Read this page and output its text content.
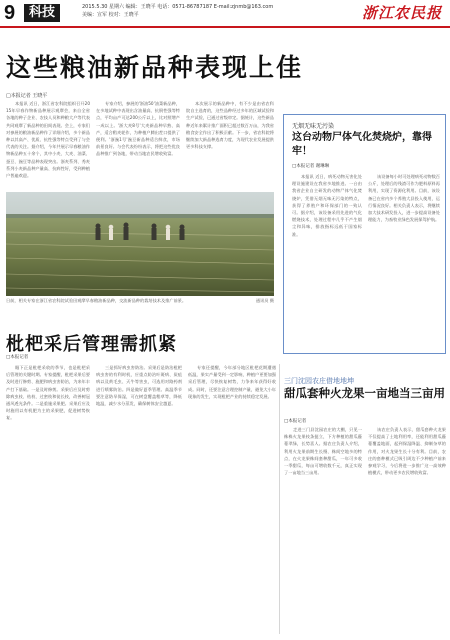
9	科技	2015.5.30 星期六 编辑：王晓平 电话：0571-86787187 E-mail:zjnmb@163.com
美编：宣军 校对：王晓平	浙江农民报
这些粮油新品种表现上佳
□本报记者 王晓平

本报讯 近日，浙江省农科院组织召开2015年早春作物新品种展示观摩会，来自全省各地的种子企业、农技人员和种粮大户等代表共同观摩了新品种的田间表现。会上，专家们对参展的粮油新品种作了详细介绍，多个新品种以其高产、优质、抗性强等特点受到了与会代表的关注。据介绍，今年共展示早春粮油作物新品种五十余个，其中小麦、大麦、油菜、蚕豆、豌豆等品种表现突出。浙麦系列、秀麦系列小麦新品种产量高、抗病性好，受到种植户普遍欢迎。

专家介绍，参展的'浙油50'油菜新品种，在多地试种中表现出含油量高、抗倒性强等特点，平均亩产可达200公斤以上，比对照增产一成以上。'浙大麦8号'大麦新品种早熟、高产，适合稻麦轮作，为种植户腾出茬口提供了便利。'浙豌1号'豌豆新品种适合鲜食，市场前景良好。与会代表纷纷表示，将把这些优良品种推广到各地，带动当地农民增收致富。

本次展示的新品种中，有不少是由省农科院自主选育的，这些品种经过多年的区域试验和生产试验，已通过省级审定。据统计，这些新品种近年来累计推广面积已超过数百万亩，为我省粮食安全作出了积极贡献。下一步，省农科院将继续加大新品种选育力度，为现代农业发展提供更多科技支撑。

日前，相关专家在浙江省农科院试验田观摩早春粮油新品种，交流新品种的栽培技术及推广前景。	通讯员 摄
无烟无味无污染
这台动物尸体气化焚烧炉，靠得牢！
□本报记者 谢琳琳

本报讯 近日，病死动物无害化处理设施建设在我省多地推进。一台由我省企业自主研发的动物尸体气化焚烧炉，凭借无烟无味无污染的特点，获得了养殖户和环保部门的一致认可。据介绍，该设备采用先进的气化燃烧技术，处理过程中几乎不产生烟尘和异味，排放指标远低于国家标准。

该设备每小时可处理病死动物数百公斤，处理后的残渣可作为肥料原料再利用，实现了资源化利用。目前，该设备已在省内多个养殖大县投入使用，运行情况良好。相关负责人表示，将继续加大技术研发投入，进一步提高设备处理能力，为畜牧业绿色发展保驾护航。

枇杷采后管理需抓紧
□本报记者

眼下正是枇杷采收的季节，也是枇杷采后管理的关键时期。专家提醒，枇杷采果后要及时进行修剪、施肥和病虫害防治，为来年丰产打下基础。一是及时修剪。采果后应及时剪除病虫枝、枯枝、过密枝和徒长枝，改善树冠通风透光条件。二是重施采果肥。采果后应及时施用以有机肥为主的采果肥，促进树势恢复。

三是抓好病虫害防治。采果后是防治枇杷病虫害的有利时机，应重点防治叶斑病、炭疽病以及黄毛虫、天牛等害虫，可选用对路药剂进行喷雾防治。四是做好夏季管理。高温季节要注意防旱保湿，可在树盘覆盖稻草等，降低地温，减少水分蒸发，确保树体安全越夏。

专家还提醒，今年部分地区枇杷花期遭遇低温，果实产量受到一定影响，种植户更要加强采后管理，尽快恢复树势，力争来年获得好收成。同时，还要注意合理控制产量，避免大小年现象的发生，实现枇杷产业的持续稳定发展。

三门沈园农庄借地地坤
甜瓜套种火龙果一亩地当三亩用
□本报记者

走进三门县沈园农庄的大棚，只见一株株火龙果枝条挺立，下方种植的甜瓜藤蔓翠绿，长势喜人。据农庄负责人介绍，利用火龙果前期生长慢、株间空地多的特点，在火龙果株间套种甜瓜，一年可多收一季甜瓜，每亩可增收数千元，真正实现了一亩地当三亩用。

该农庄负责人表示，甜瓜套种火龙果不仅提高了土地利用率，还能利用甜瓜藤蔓覆盖地面，起到保湿降温、抑制杂草的作用，对火龙果生长十分有利。目前，农庄的套种模式已吸引周边不少种植户前来参观学习，今后将进一步推广这一高效种植模式，带动更多农民增收致富。
